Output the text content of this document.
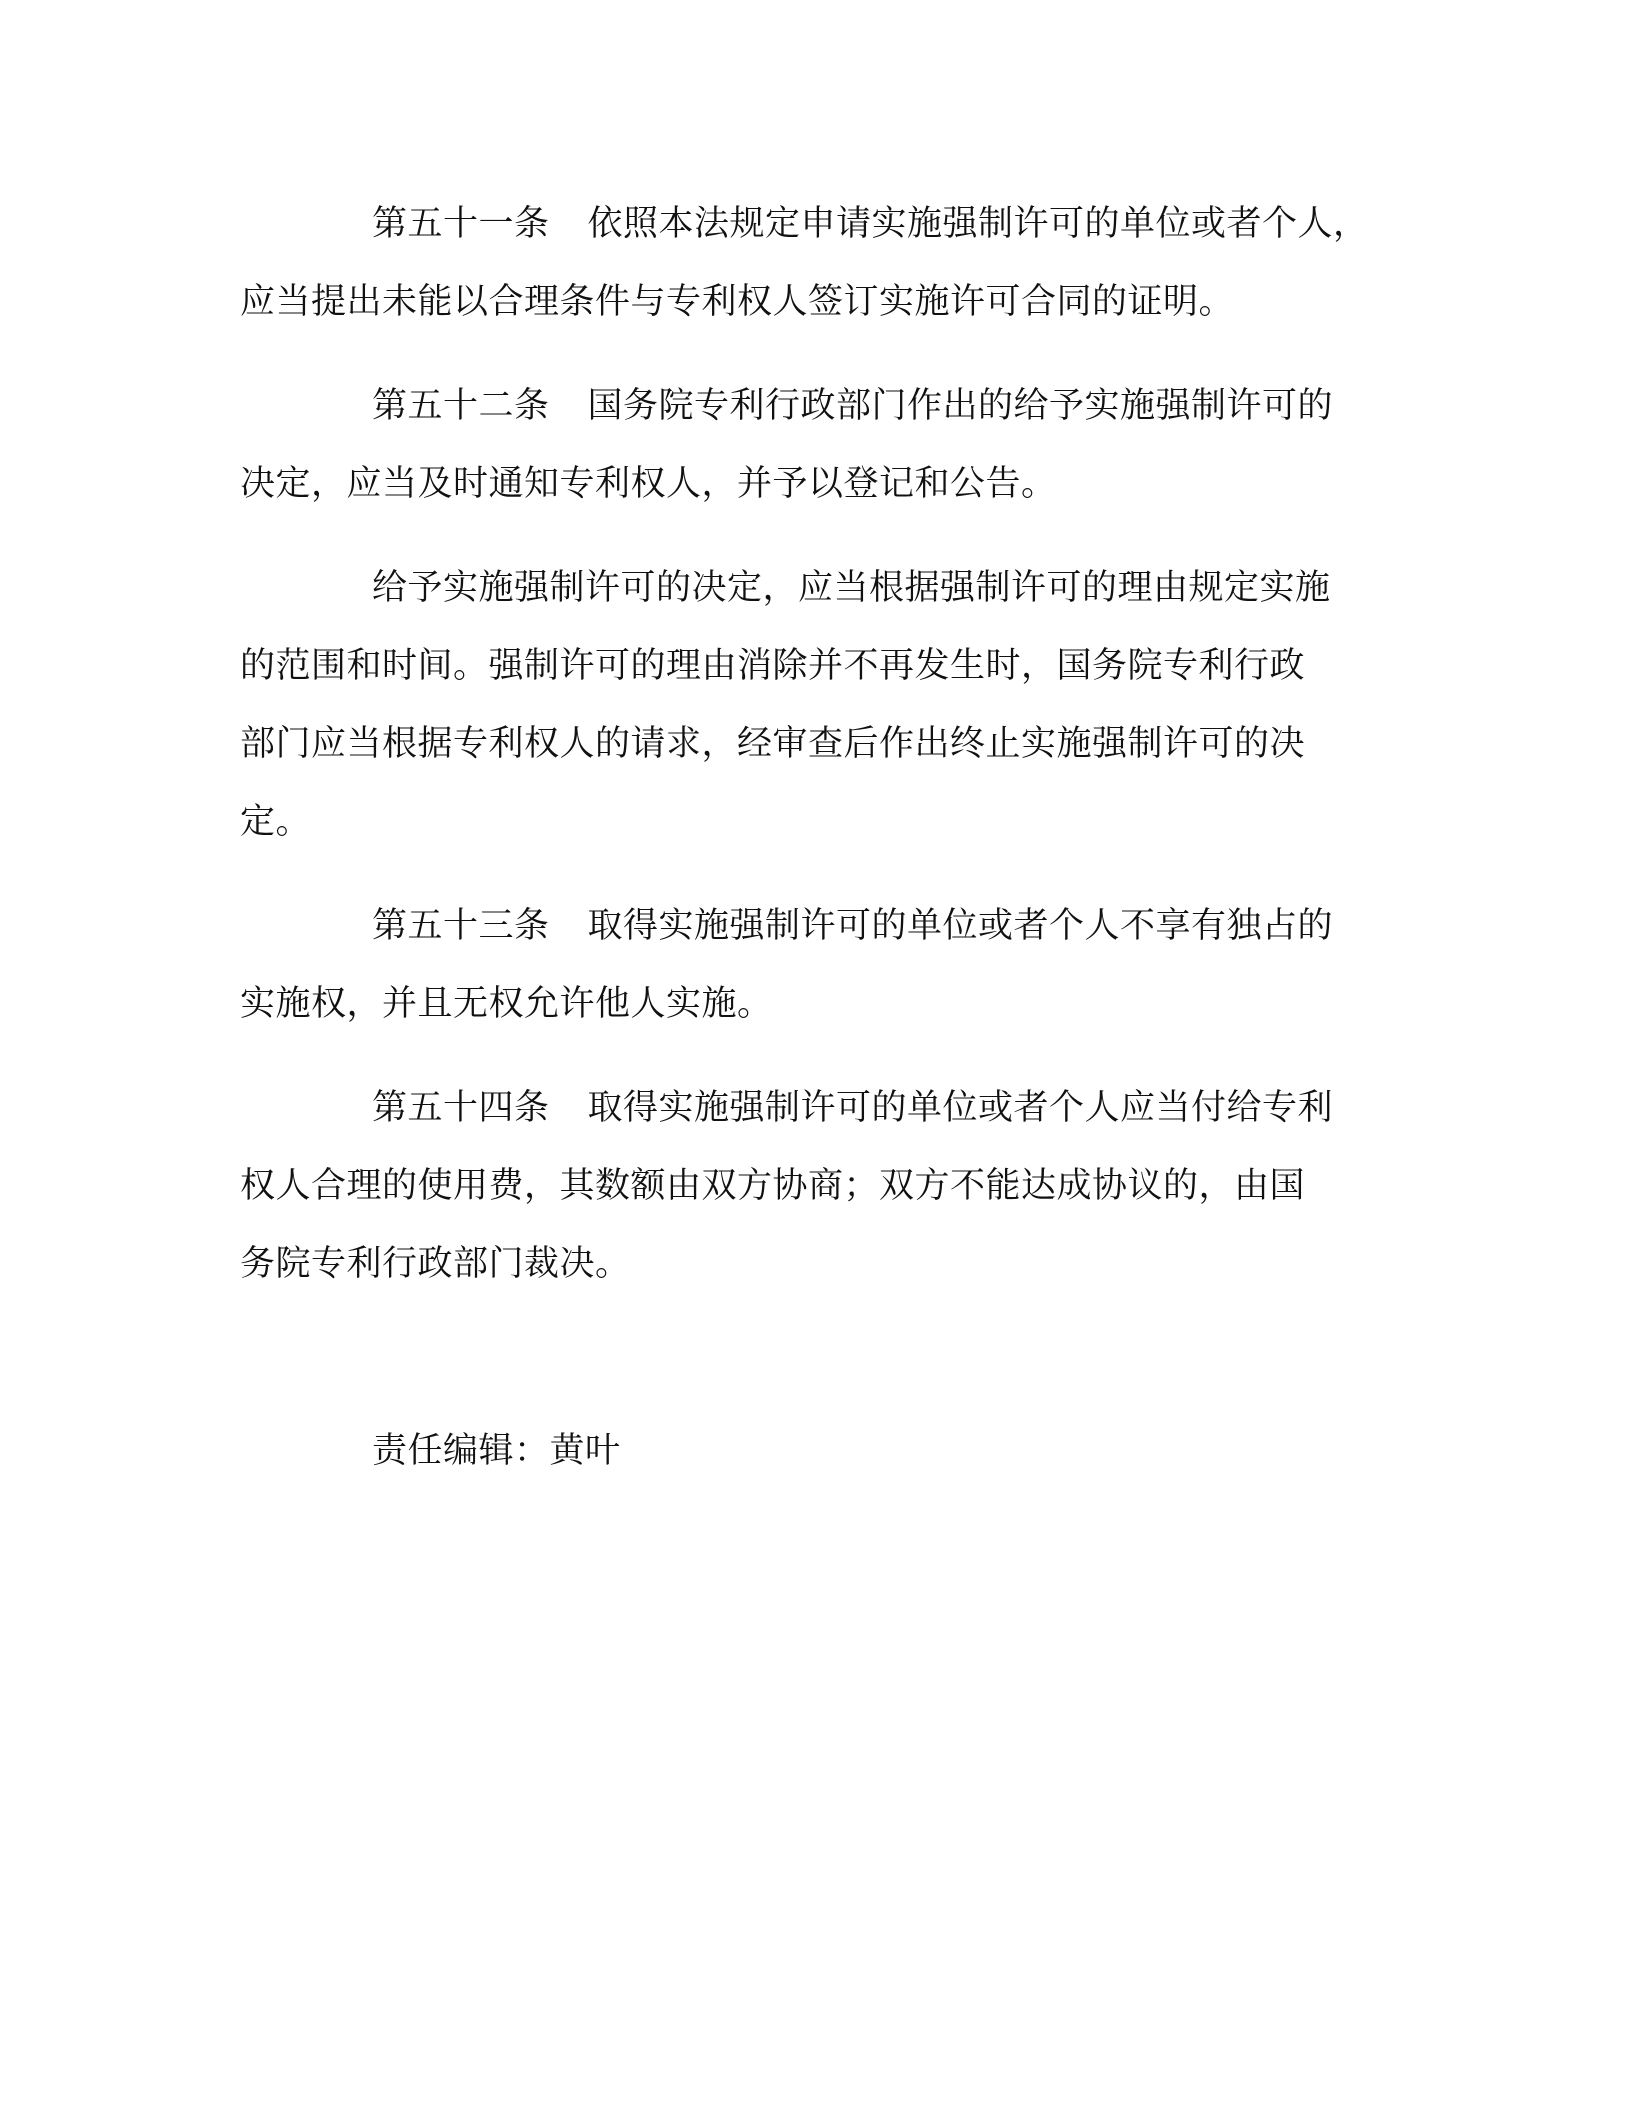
第五十一条 依照本法规定申请实施强制许可的单位或者个人，
应当提出未能以合理条件与专利权人签订实施许可合同的证明。
第五十二条 国务院专利行政部门作出的给予实施强制许可的
决定，应当及时通知专利权人，并予以登记和公告。
给予实施强制许可的决定，应当根据强制许可的理由规定实施
的范围和时间。强制许可的理由消除并不再发生时，国务院专利行政
部门应当根据专利权人的请求，经审查后作出终止实施强制许可的决
定。
第五十三条 取得实施强制许可的单位或者个人不享有独占的
实施权，并且无权允许他人实施。
第五十四条 取得实施强制许可的单位或者个人应当付给专利
权人合理的使用费，其数额由双方协商；双方不能达成协议的，由国
务院专利行政部门裁决。
责任编辑：黄叶
